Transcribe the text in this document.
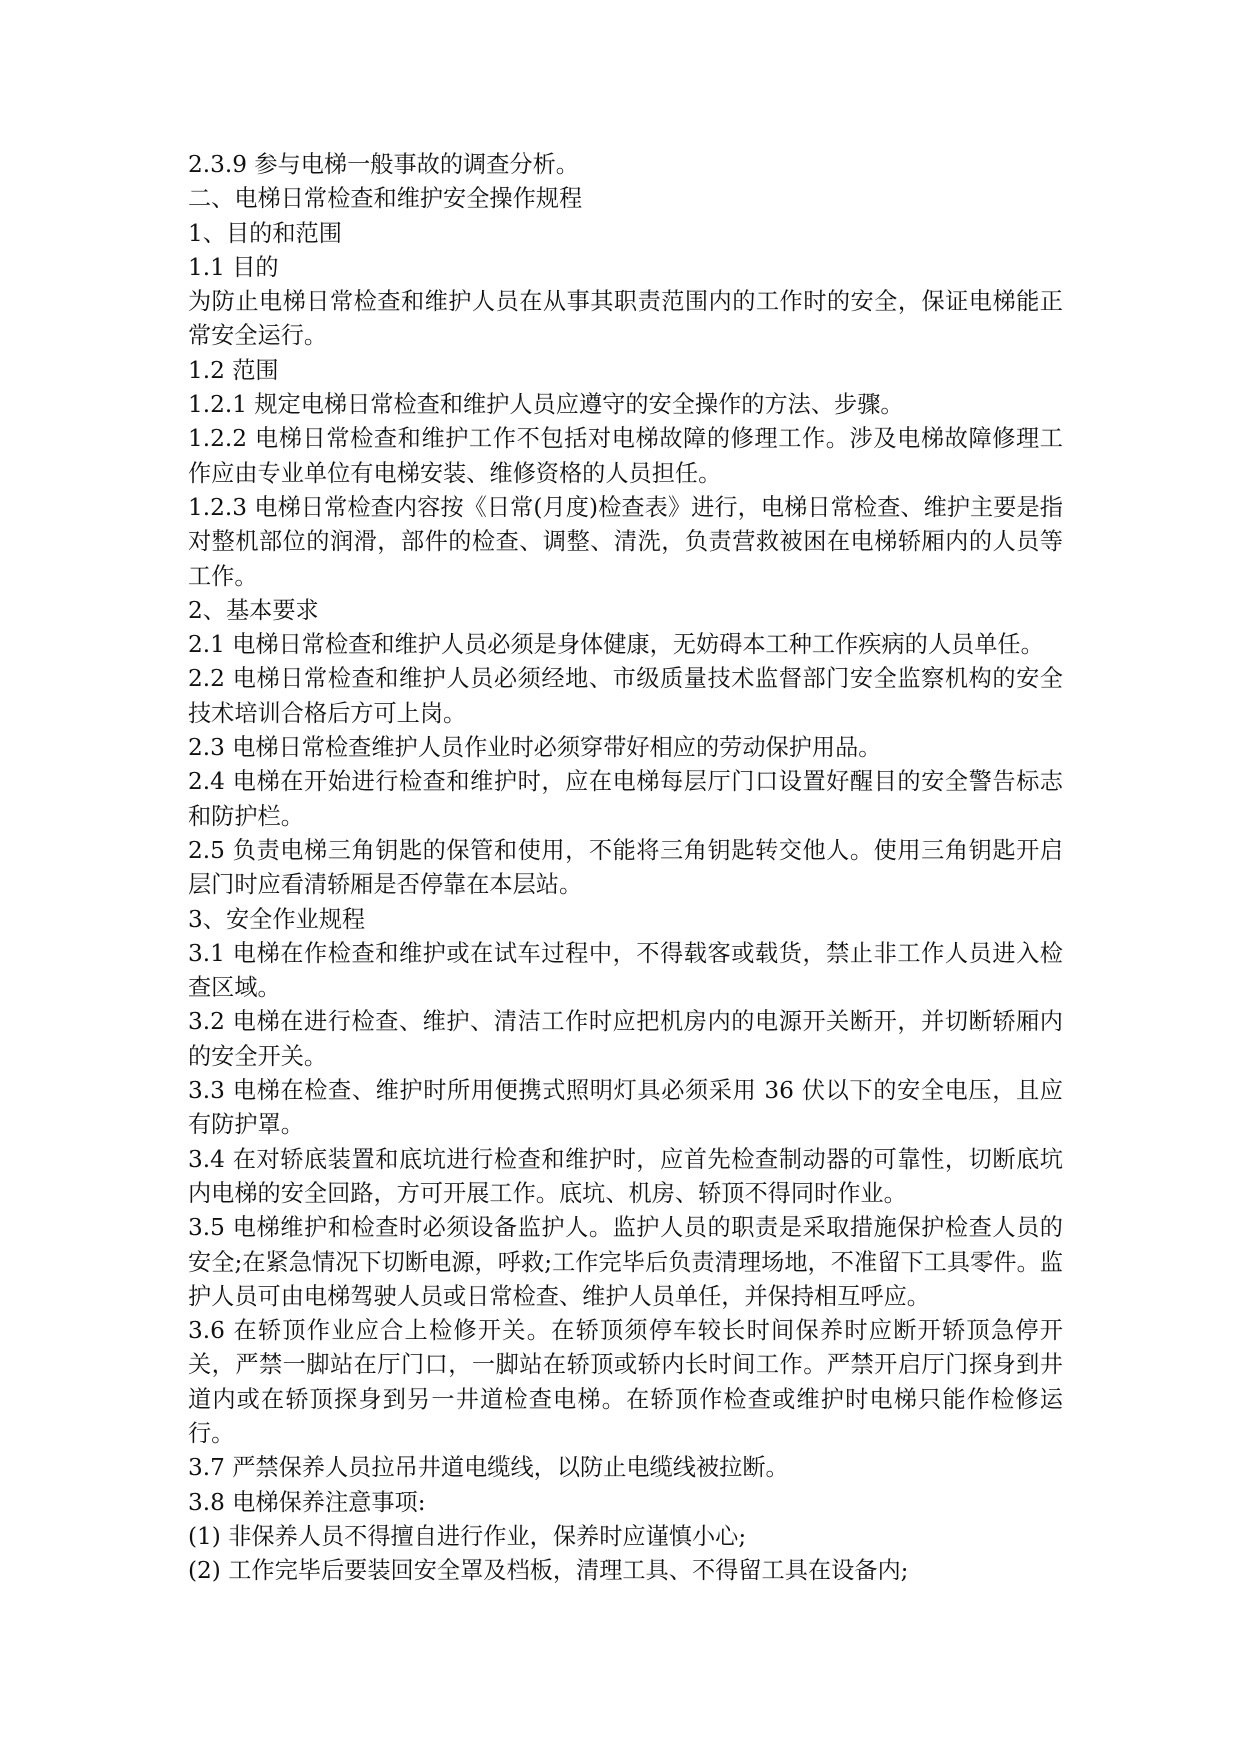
2.3.9 参与电梯一般事故的调查分析。

二、电梯日常检查和维护安全操作规程

1、目的和范围

1.1 目的

为防止电梯日常检查和维护人员在从事其职责范围内的工作时的安全，保证电梯能正常安全运行。

1.2 范围

1.2.1 规定电梯日常检查和维护人员应遵守的安全操作的方法、步骤。

1.2.2 电梯日常检查和维护工作不包括对电梯故障的修理工作。涉及电梯故障修理工作应由专业单位有电梯安装、维修资格的人员担任。

1.2.3 电梯日常检查内容按《日常(月度)检查表》进行，电梯日常检查、维护主要是指对整机部位的润滑，部件的检查、调整、清洗，负责营救被困在电梯轿厢内的人员等工作。

2、基本要求

2.1 电梯日常检查和维护人员必须是身体健康，无妨碍本工种工作疾病的人员单任。

2.2 电梯日常检查和维护人员必须经地、市级质量技术监督部门安全监察机构的安全技术培训合格后方可上岗。

2.3 电梯日常检查维护人员作业时必须穿带好相应的劳动保护用品。

2.4 电梯在开始进行检查和维护时，应在电梯每层厅门口设置好醒目的安全警告标志和防护栏。

2.5 负责电梯三角钥匙的保管和使用，不能将三角钥匙转交他人。使用三角钥匙开启层门时应看清轿厢是否停靠在本层站。

3、安全作业规程

3.1 电梯在作检查和维护或在试车过程中，不得载客或载货，禁止非工作人员进入检查区域。

3.2 电梯在进行检查、维护、清洁工作时应把机房内的电源开关断开，并切断轿厢内的安全开关。

3.3 电梯在检查、维护时所用便携式照明灯具必须采用 36 伏以下的安全电压，且应有防护罩。

3.4 在对轿底装置和底坑进行检查和维护时，应首先检查制动器的可靠性，切断底坑内电梯的安全回路，方可开展工作。底坑、机房、轿顶不得同时作业。

3.5 电梯维护和检查时必须设备监护人。监护人员的职责是采取措施保护检查人员的安全;在紧急情况下切断电源，呼救;工作完毕后负责清理场地，不准留下工具零件。监护人员可由电梯驾驶人员或日常检查、维护人员单任，并保持相互呼应。

3.6 在轿顶作业应合上检修开关。在轿顶须停车较长时间保养时应断开轿顶急停开关，严禁一脚站在厅门口，一脚站在轿顶或轿内长时间工作。严禁开启厅门探身到井道内或在轿顶探身到另一井道检查电梯。在轿顶作检查或维护时电梯只能作检修运行。

3.7 严禁保养人员拉吊井道电缆线，以防止电缆线被拉断。

3.8 电梯保养注意事项:

(1) 非保养人员不得擅自进行作业，保养时应谨慎小心;

(2) 工作完毕后要装回安全罩及档板，清理工具、不得留工具在设备内;
